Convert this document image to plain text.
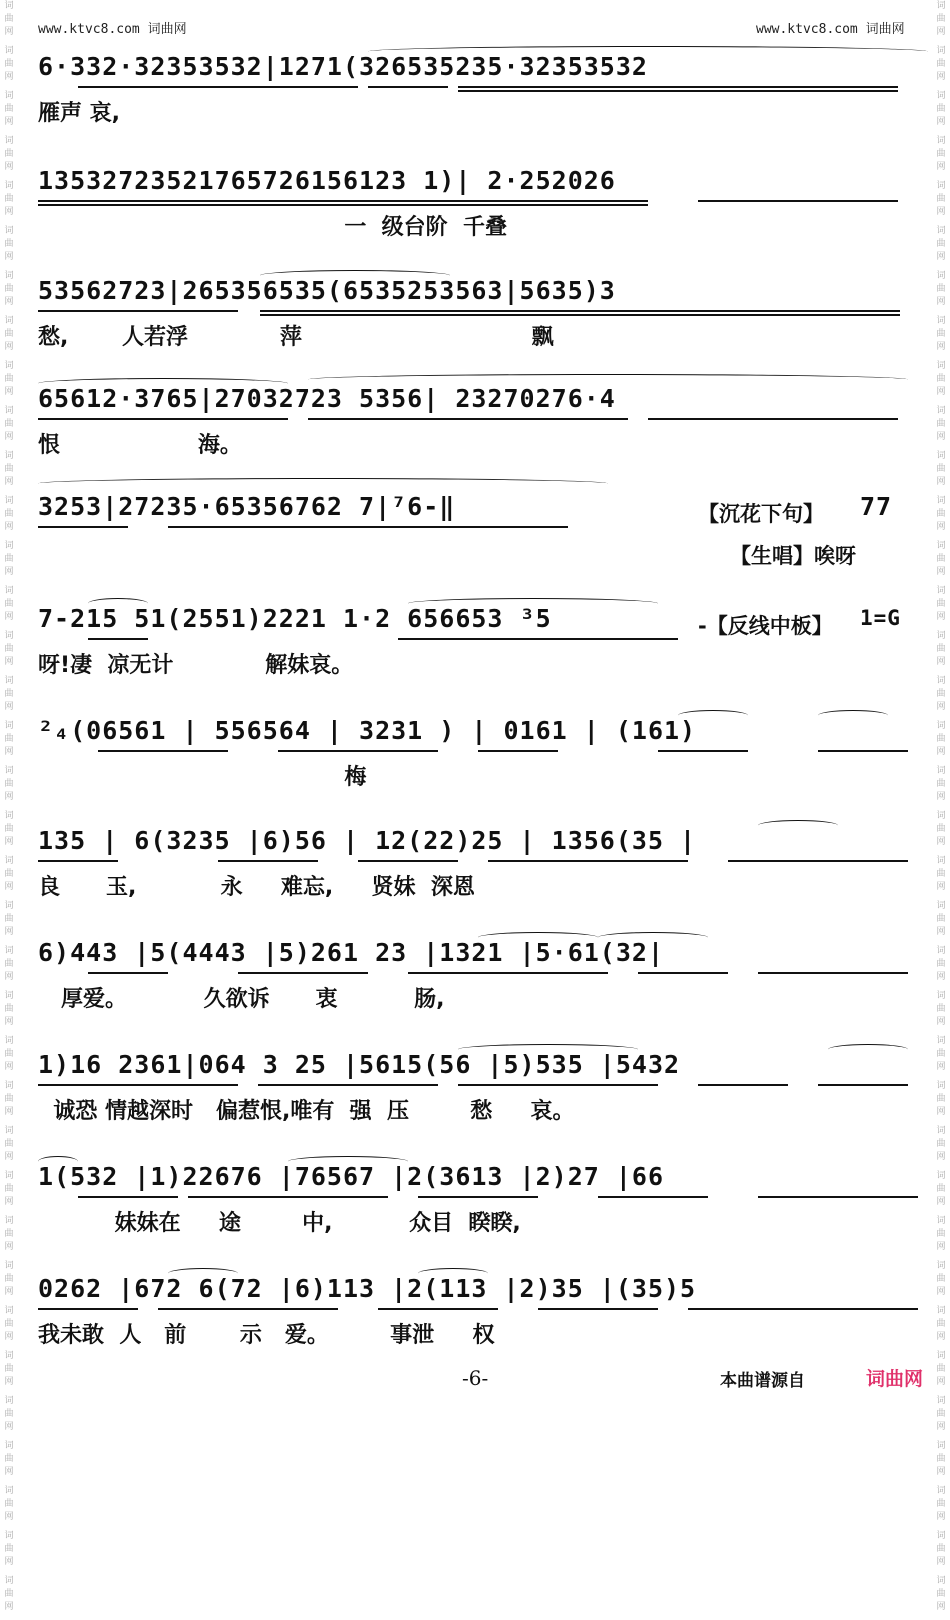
词
曲
网
词
曲
网
词
曲
网
词
曲
网
词
曲
网
词
曲
网
词
曲
网
词
曲
网
词
曲
网
词
曲
网
词
曲
网
词
曲
网
词
曲
网
词
曲
网
词
曲
网
词
曲
网
词
曲
网
词
曲
网
词
曲
网
词
曲
网
词
曲
网
词
曲
网
词
曲
网
词
曲
网
词
曲
网
词
曲
网
词
曲
网
词
曲
网
词
曲
网
词
曲
网
词
曲
网
词
曲
网
词
曲
网
词
曲
网
词
曲
网
词
曲
网
词
曲
网
词
曲
网
词
曲
网
词
曲
网
词
曲
网
词
曲
网
词
曲
网
词
曲
网
词
曲
网
词
曲
网
词
曲
网
词
曲
网
词
曲
网
词
曲
网
词
曲
网
词
曲
网
词
曲
网
词
曲
网
词
曲
网
词
曲
网
词
曲
网
词
曲
网
词
曲
网
词
曲
网
词
曲
网
词
曲
网
词
曲
网
词
曲
网
词
曲
网
词
曲
网
词
曲
网
词
曲
网
词
曲
网
词
曲
网
词
曲
网
词
曲
网
www.ktvc8.com 词曲网	www.ktvc8.com 词曲网
6·332·32353532|1271(326535235·32353532
雁声 哀,
13532723521765726156123 1)| 2·252026
一  级台阶  千叠
53562723|265356535(6535253563|5635)3
愁,       人若浮            萍                              飘
65612·3765|27032723 5356| 23270276·4
恨                  海。
3253|27235·65356762 7|⁷6-‖	【沉花下句】 77
【生唱】唉呀
7-215 51(2551)2221 1·2 656653 ³5	-【反线中板】 1=G
呀!凄  凉无计            解妹哀。
²₄(06561 | 556564 | 3231 ) | 0161 | (161)
梅
135 | 6(3235 |6)56 | 12(22)25 | 1356(35 |
良      玉,           永     难忘,     贤妹  深恩
6)443 |5(4443 |5)261 23 |1321 |5·61(32|
厚爱。          久欲诉      衷          肠,
1)16 2361|064 3 25 |5615(56 |5)535 |5432
诚恐 情越深时   偏惹恨,唯有  强  压        愁     哀。
1(532 |1)22676 |76567 |2(3613 |2)27 |66
妹妹在     途        中,          众目  睽睽,
0262 |672 6(72 |6)113 |2(113 |2)35 |(35)5
我未敢  人   前       示   爱。        事泄     权
-6-	本曲谱源自	词曲网
